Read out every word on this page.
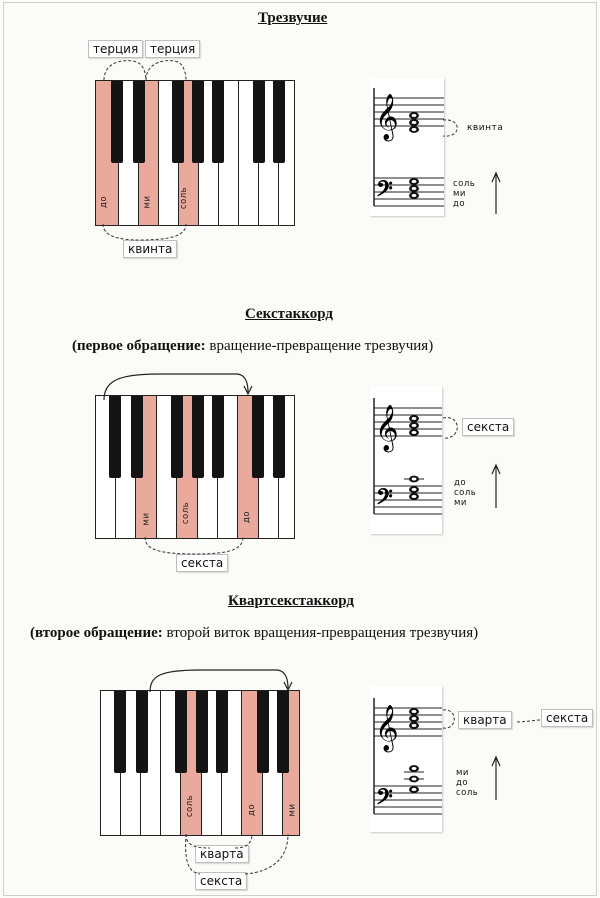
Трезвучие
терция терция
до	ми	соль
квинта
𝄞
𝄢
квинта
соль
ми
до
Секстаккорд
(первое обращение: вращение-превращение трезвучия)
ми	соль	до
секста
𝄞
𝄢
секста
до
соль
ми
Квартсекстаккорд
(второе обращение: второй виток вращения-превращения трезвучия)
соль	до	ми
кварта
секста
𝄞
𝄢
кварта	секста
ми
до
соль
